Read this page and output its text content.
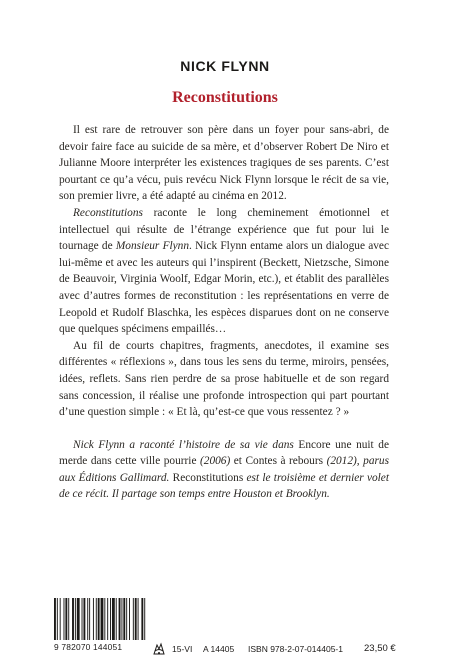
NICK FLYNN
Reconstitutions

Il est rare de retrouver son père dans un foyer pour sans-abri, de devoir faire face au suicide de sa mère, et d’observer Robert De Niro et Julianne Moore interpréter les existences tragiques de ses parents. C’est pourtant ce qu’a vécu, puis revécu Nick Flynn lorsque le récit de sa vie, son premier livre, a été adapté au cinéma en 2012.

Reconstitutions raconte le long cheminement émotionnel et intellectuel qui résulte de l’étrange expérience que fut pour lui le tournage de Monsieur Flynn. Nick Flynn entame alors un dialogue avec lui-même et avec les auteurs qui l’inspirent (Beckett, Nietzsche, Simone de Beauvoir, Virginia Woolf, Edgar Morin, etc.), et établit des parallèles avec d’autres formes de reconstitution : les représentations en verre de Leopold et Rudolf Blaschka, les espèces disparues dont on ne conserve que quelques spécimens empaillés…

Au fil de courts chapitres, fragments, anecdotes, il examine ses différentes « réflexions », dans tous les sens du terme, miroirs, pensées, idées, reflets. Sans rien perdre de sa prose habituelle et de son regard sans concession, il réalise une profonde introspection qui part pourtant d’une question simple : « Et là, qu’est-ce que vous ressentez ? »

Nick Flynn a raconté l’histoire de sa vie dans Encore une nuit de merde dans cette ville pourrie (2006) et Contes à rebours (2012), parus aux Éditions Gallimard. Reconstitutions est le troisième et dernier volet de ce récit. Il partage son temps entre Houston et Brooklyn.

9 782070 144051	15-VI A 14405 ISBN 978-2-07-014405-1 23,50 €
